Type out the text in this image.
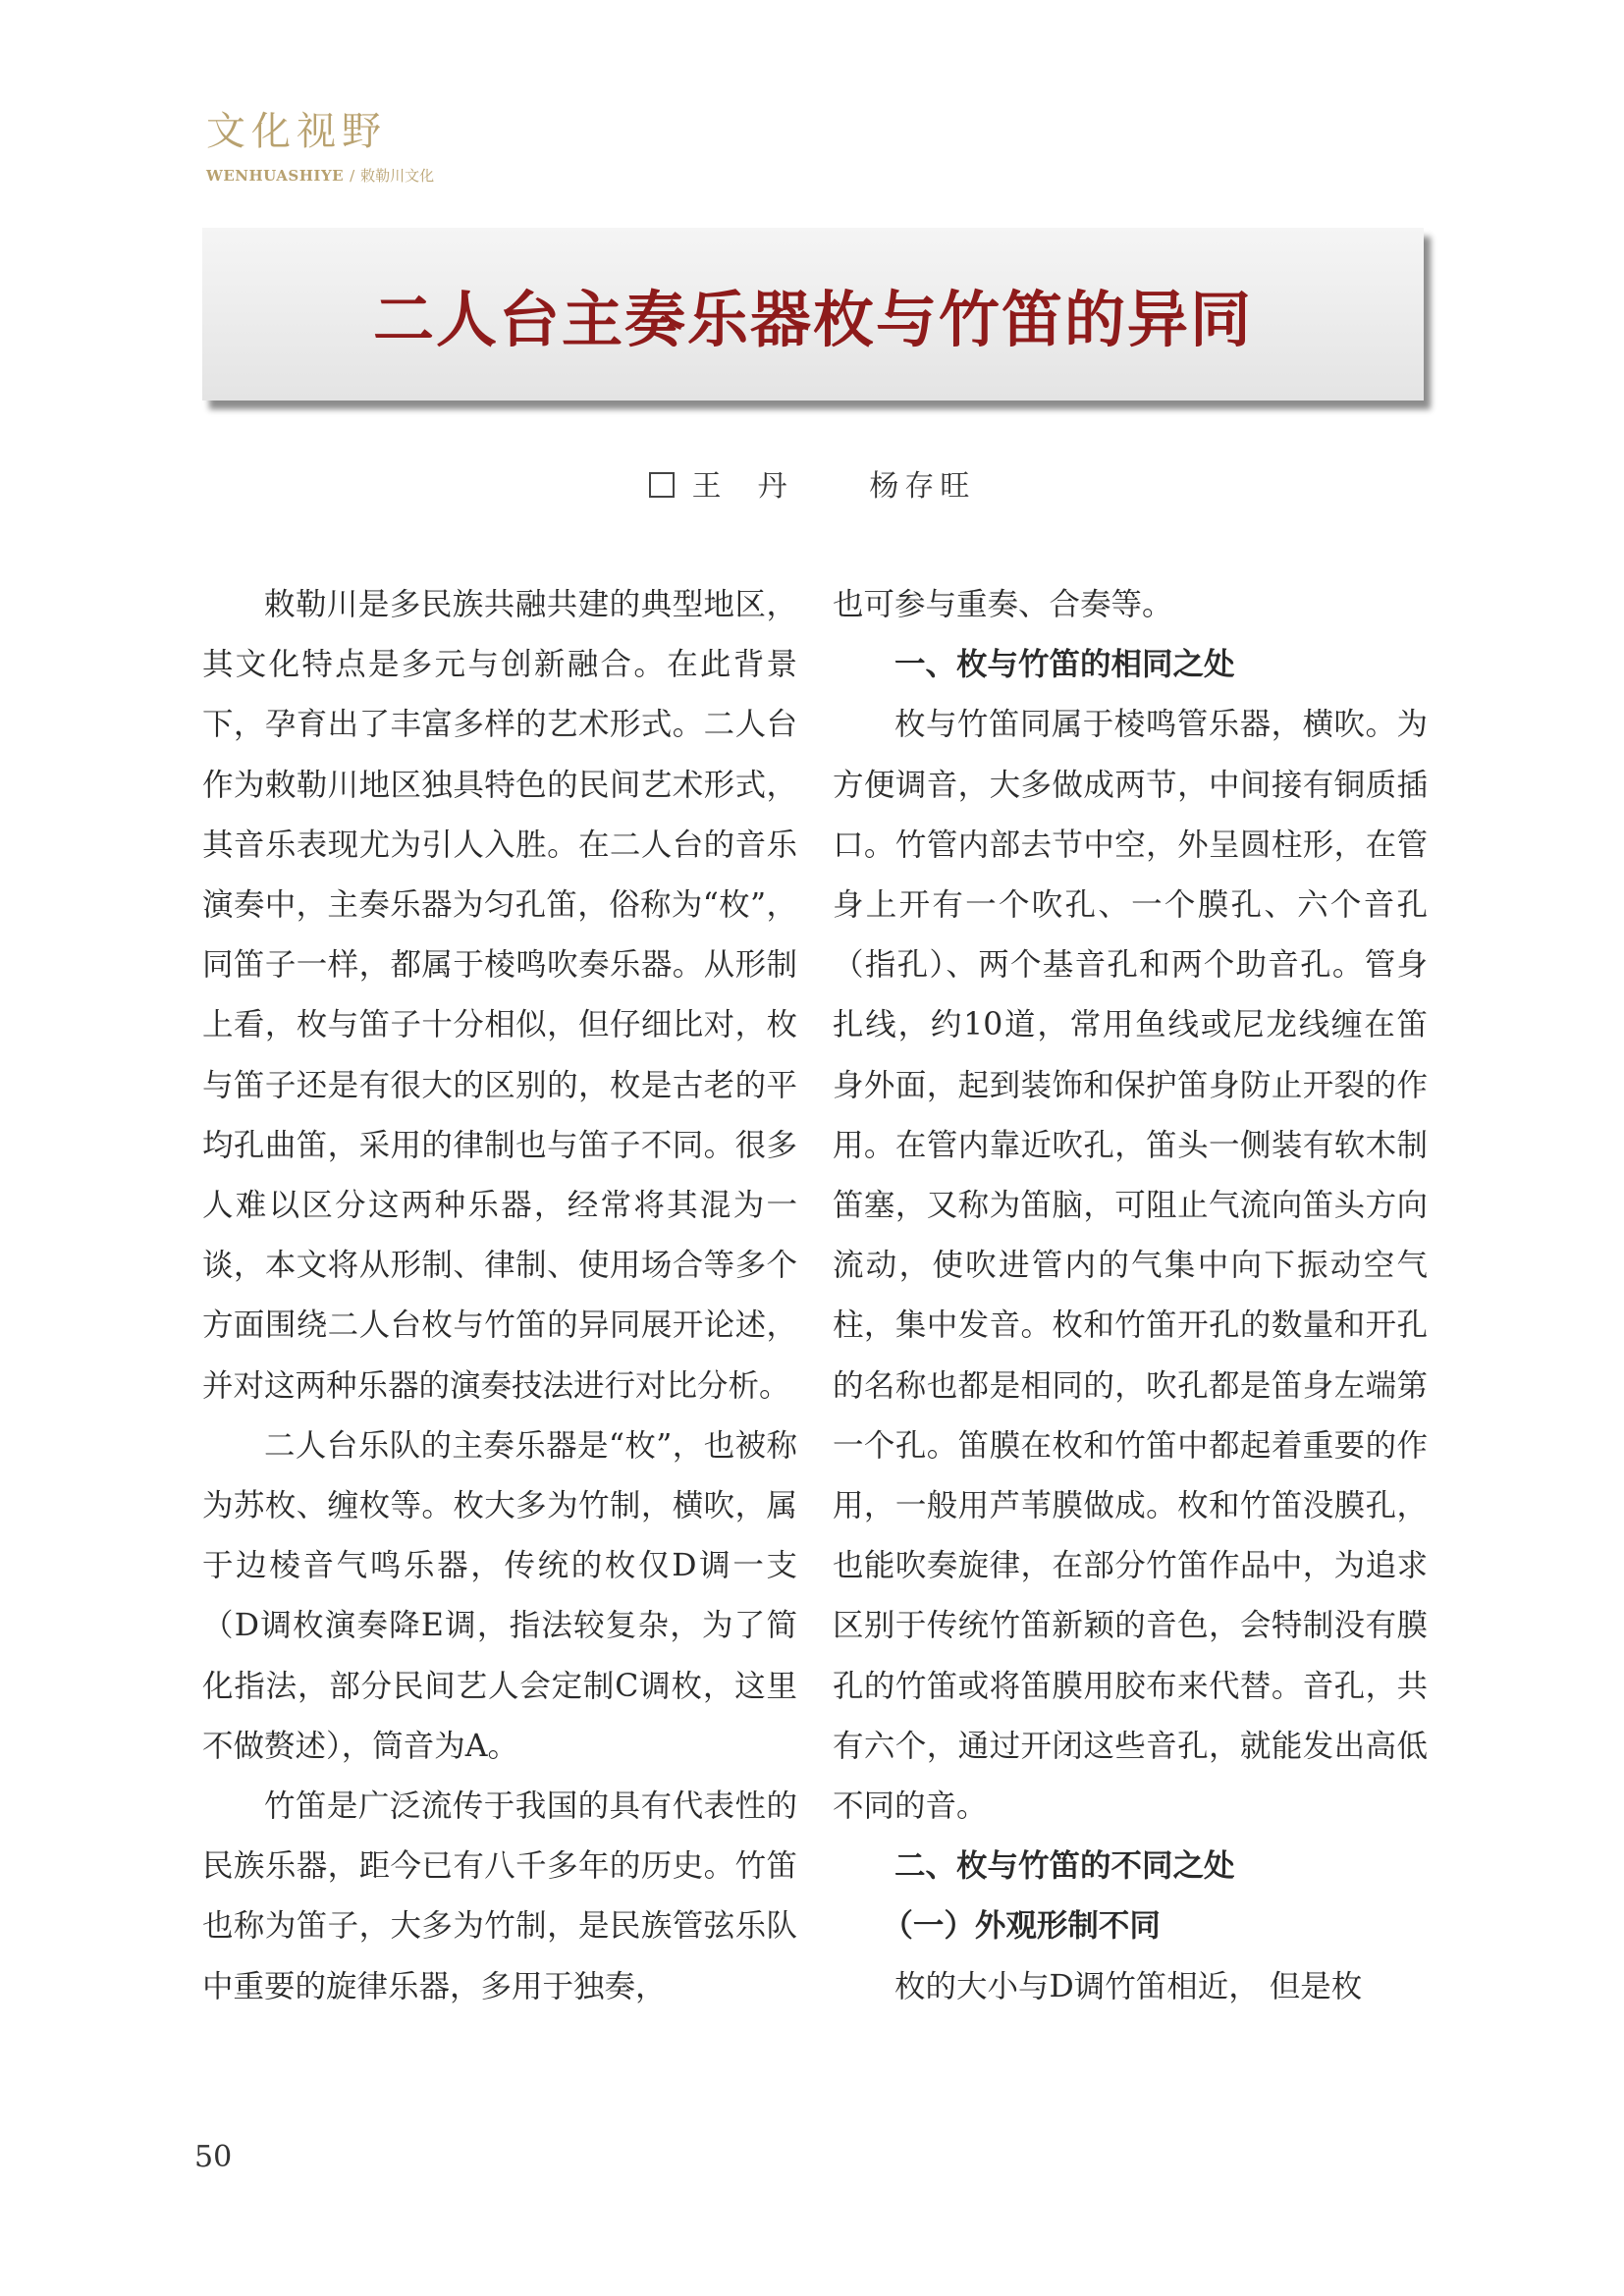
文化视野
WENHUASHIYE / 敕勒川文化
二人台主奏乐器枚与竹笛的异同
王  丹     杨存旺

敕勒川是多民族共融共建的典型地区，其文化特点是多元与创新融合。在此背景下，孕育出了丰富多样的艺术形式。二人台作为敕勒川地区独具特色的民间艺术形式，其音乐表现尤为引人入胜。在二人台的音乐演奏中，主奏乐器为匀孔笛，俗称为“枚”，同笛子一样，都属于棱鸣吹奏乐器。从形制上看，枚与笛子十分相似，但仔细比对，枚与笛子还是有很大的区别的，枚是古老的平均孔曲笛，采用的律制也与笛子不同。很多人难以区分这两种乐器，经常将其混为一谈，本文将从形制、律制、使用场合等多个方面围绕二人台枚与竹笛的异同展开论述，并对这两种乐器的演奏技法进行对比分析。

二人台乐队的主奏乐器是“枚”，也被称为苏枚、缠枚等。枚大多为竹制，横吹，属于边棱音气鸣乐器，传统的枚仅D调一支（D调枚演奏降E调，指法较复杂，为了简化指法，部分民间艺人会定制C调枚，这里不做赘述），筒音为A。

竹笛是广泛流传于我国的具有代表性的民族乐器，距今已有八千多年的历史。竹笛也称为笛子，大多为竹制，是民族管弦乐队中重要的旋律乐器，多用于独奏，

也可参与重奏、合奏等。

一、枚与竹笛的相同之处

枚与竹笛同属于棱鸣管乐器，横吹。为方便调音，大多做成两节，中间接有铜质插口。竹管内部去节中空，外呈圆柱形，在管身上开有一个吹孔、一个膜孔、六个音孔（指孔）、两个基音孔和两个助音孔。管身扎线，约10道，常用鱼线或尼龙线缠在笛身外面，起到装饰和保护笛身防止开裂的作用。在管内靠近吹孔，笛头一侧装有软木制笛塞，又称为笛脑，可阻止气流向笛头方向流动，使吹进管内的气集中向下振动空气柱，集中发音。枚和竹笛开孔的数量和开孔的名称也都是相同的，吹孔都是笛身左端第一个孔。笛膜在枚和竹笛中都起着重要的作用，一般用芦苇膜做成。枚和竹笛没膜孔，也能吹奏旋律，在部分竹笛作品中，为追求区别于传统竹笛新颖的音色，会特制没有膜孔的竹笛或将笛膜用胶布来代替。音孔，共有六个，通过开闭这些音孔，就能发出高低不同的音。

二、枚与竹笛的不同之处
（一）外观形制不同

枚的大小与D调竹笛相近， 但是枚

50
